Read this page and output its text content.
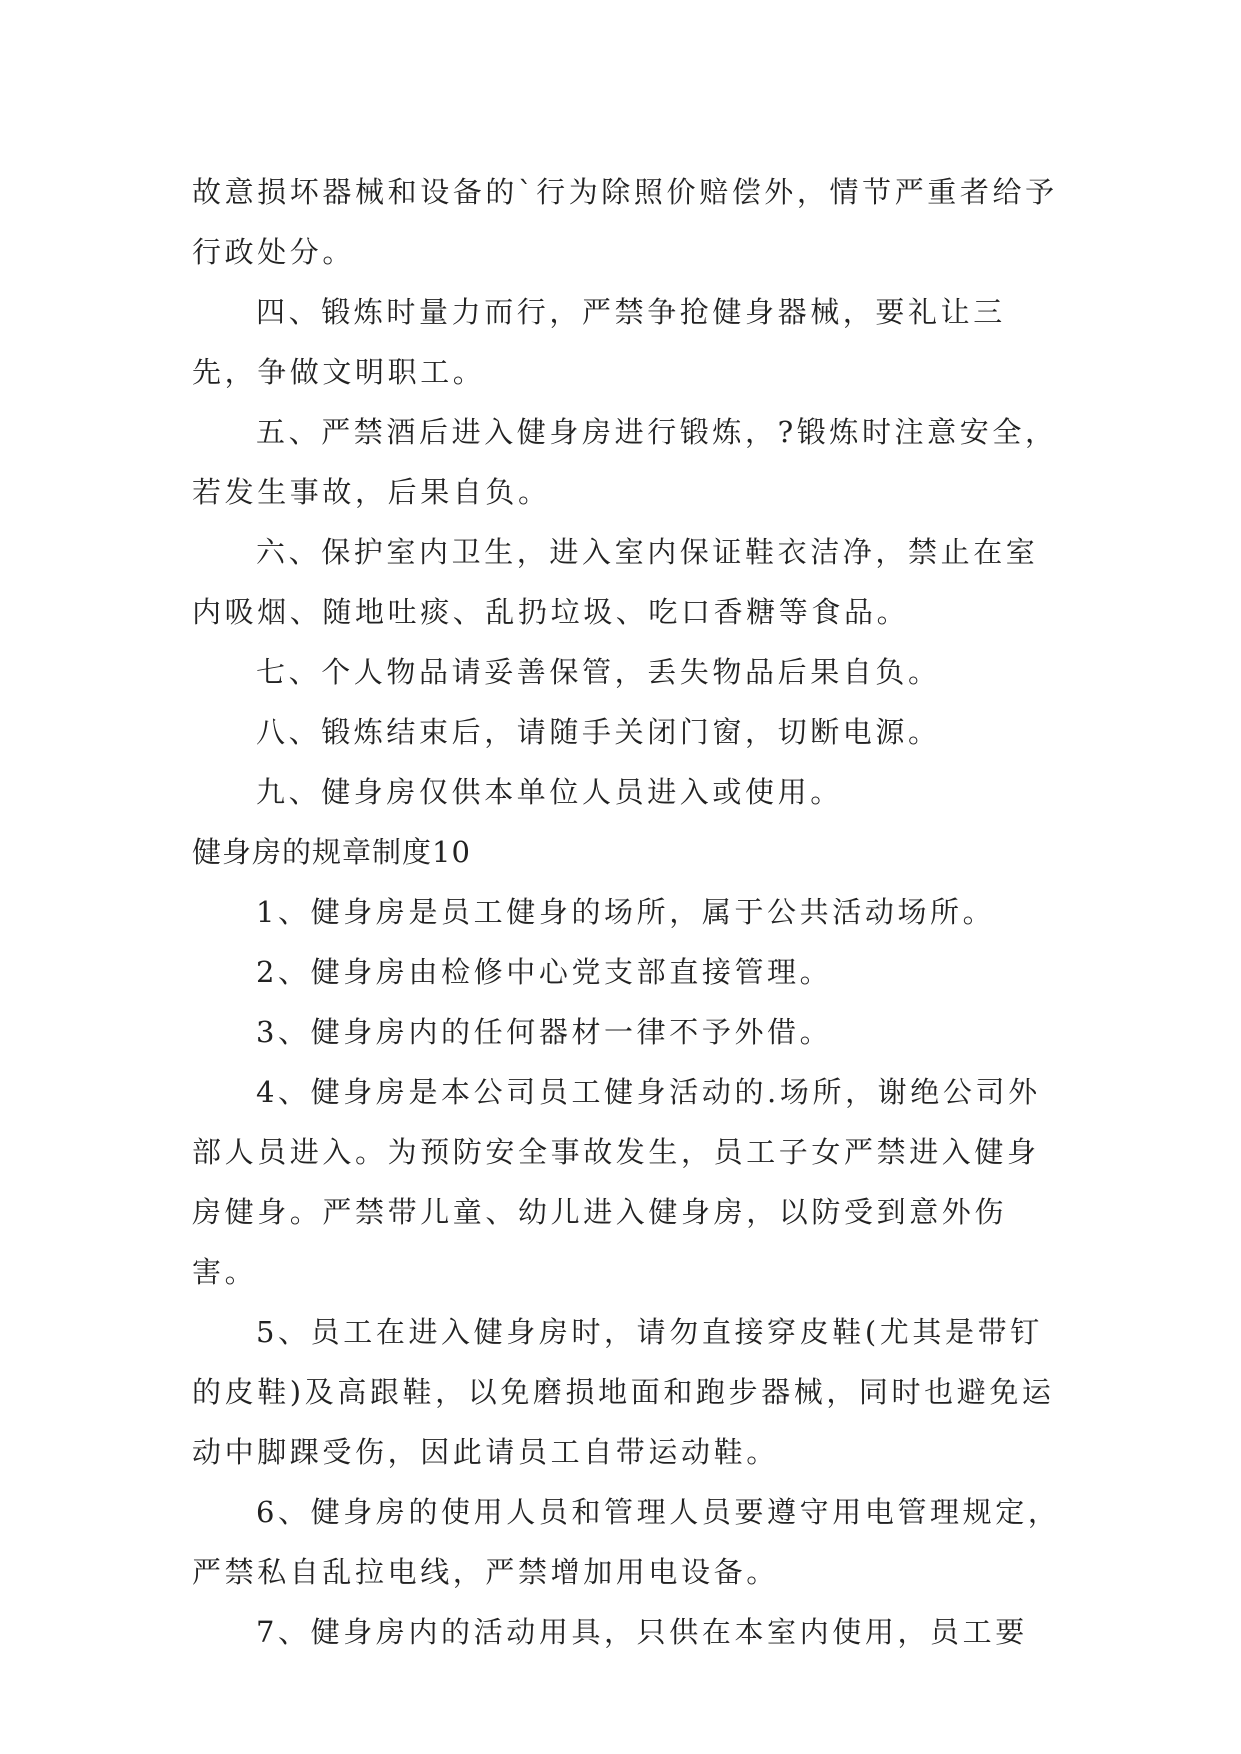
故意损坏器械和设备的`行为除照价赔偿外，情节严重者给予行政处分。

四、锻炼时量力而行，严禁争抢健身器械，要礼让三先，争做文明职工。

五、严禁酒后进入健身房进行锻炼，?锻炼时注意安全，若发生事故，后果自负。

六、保护室内卫生，进入室内保证鞋衣洁净，禁止在室内吸烟、随地吐痰、乱扔垃圾、吃口香糖等食品。

七、个人物品请妥善保管，丢失物品后果自负。

八、锻炼结束后，请随手关闭门窗，切断电源。

九、健身房仅供本单位人员进入或使用。

健身房的规章制度10

1、健身房是员工健身的场所，属于公共活动场所。

2、健身房由检修中心党支部直接管理。

3、健身房内的任何器材一律不予外借。

4、健身房是本公司员工健身活动的.场所，谢绝公司外部人员进入。为预防安全事故发生，员工子女严禁进入健身房健身。严禁带儿童、幼儿进入健身房，以防受到意外伤害。

5、员工在进入健身房时，请勿直接穿皮鞋(尤其是带钉的皮鞋)及高跟鞋，以免磨损地面和跑步器械，同时也避免运动中脚踝受伤，因此请员工自带运动鞋。

6、健身房的使用人员和管理人员要遵守用电管理规定，严禁私自乱拉电线，严禁增加用电设备。

7、健身房内的活动用具，只供在本室内使用，员工要
